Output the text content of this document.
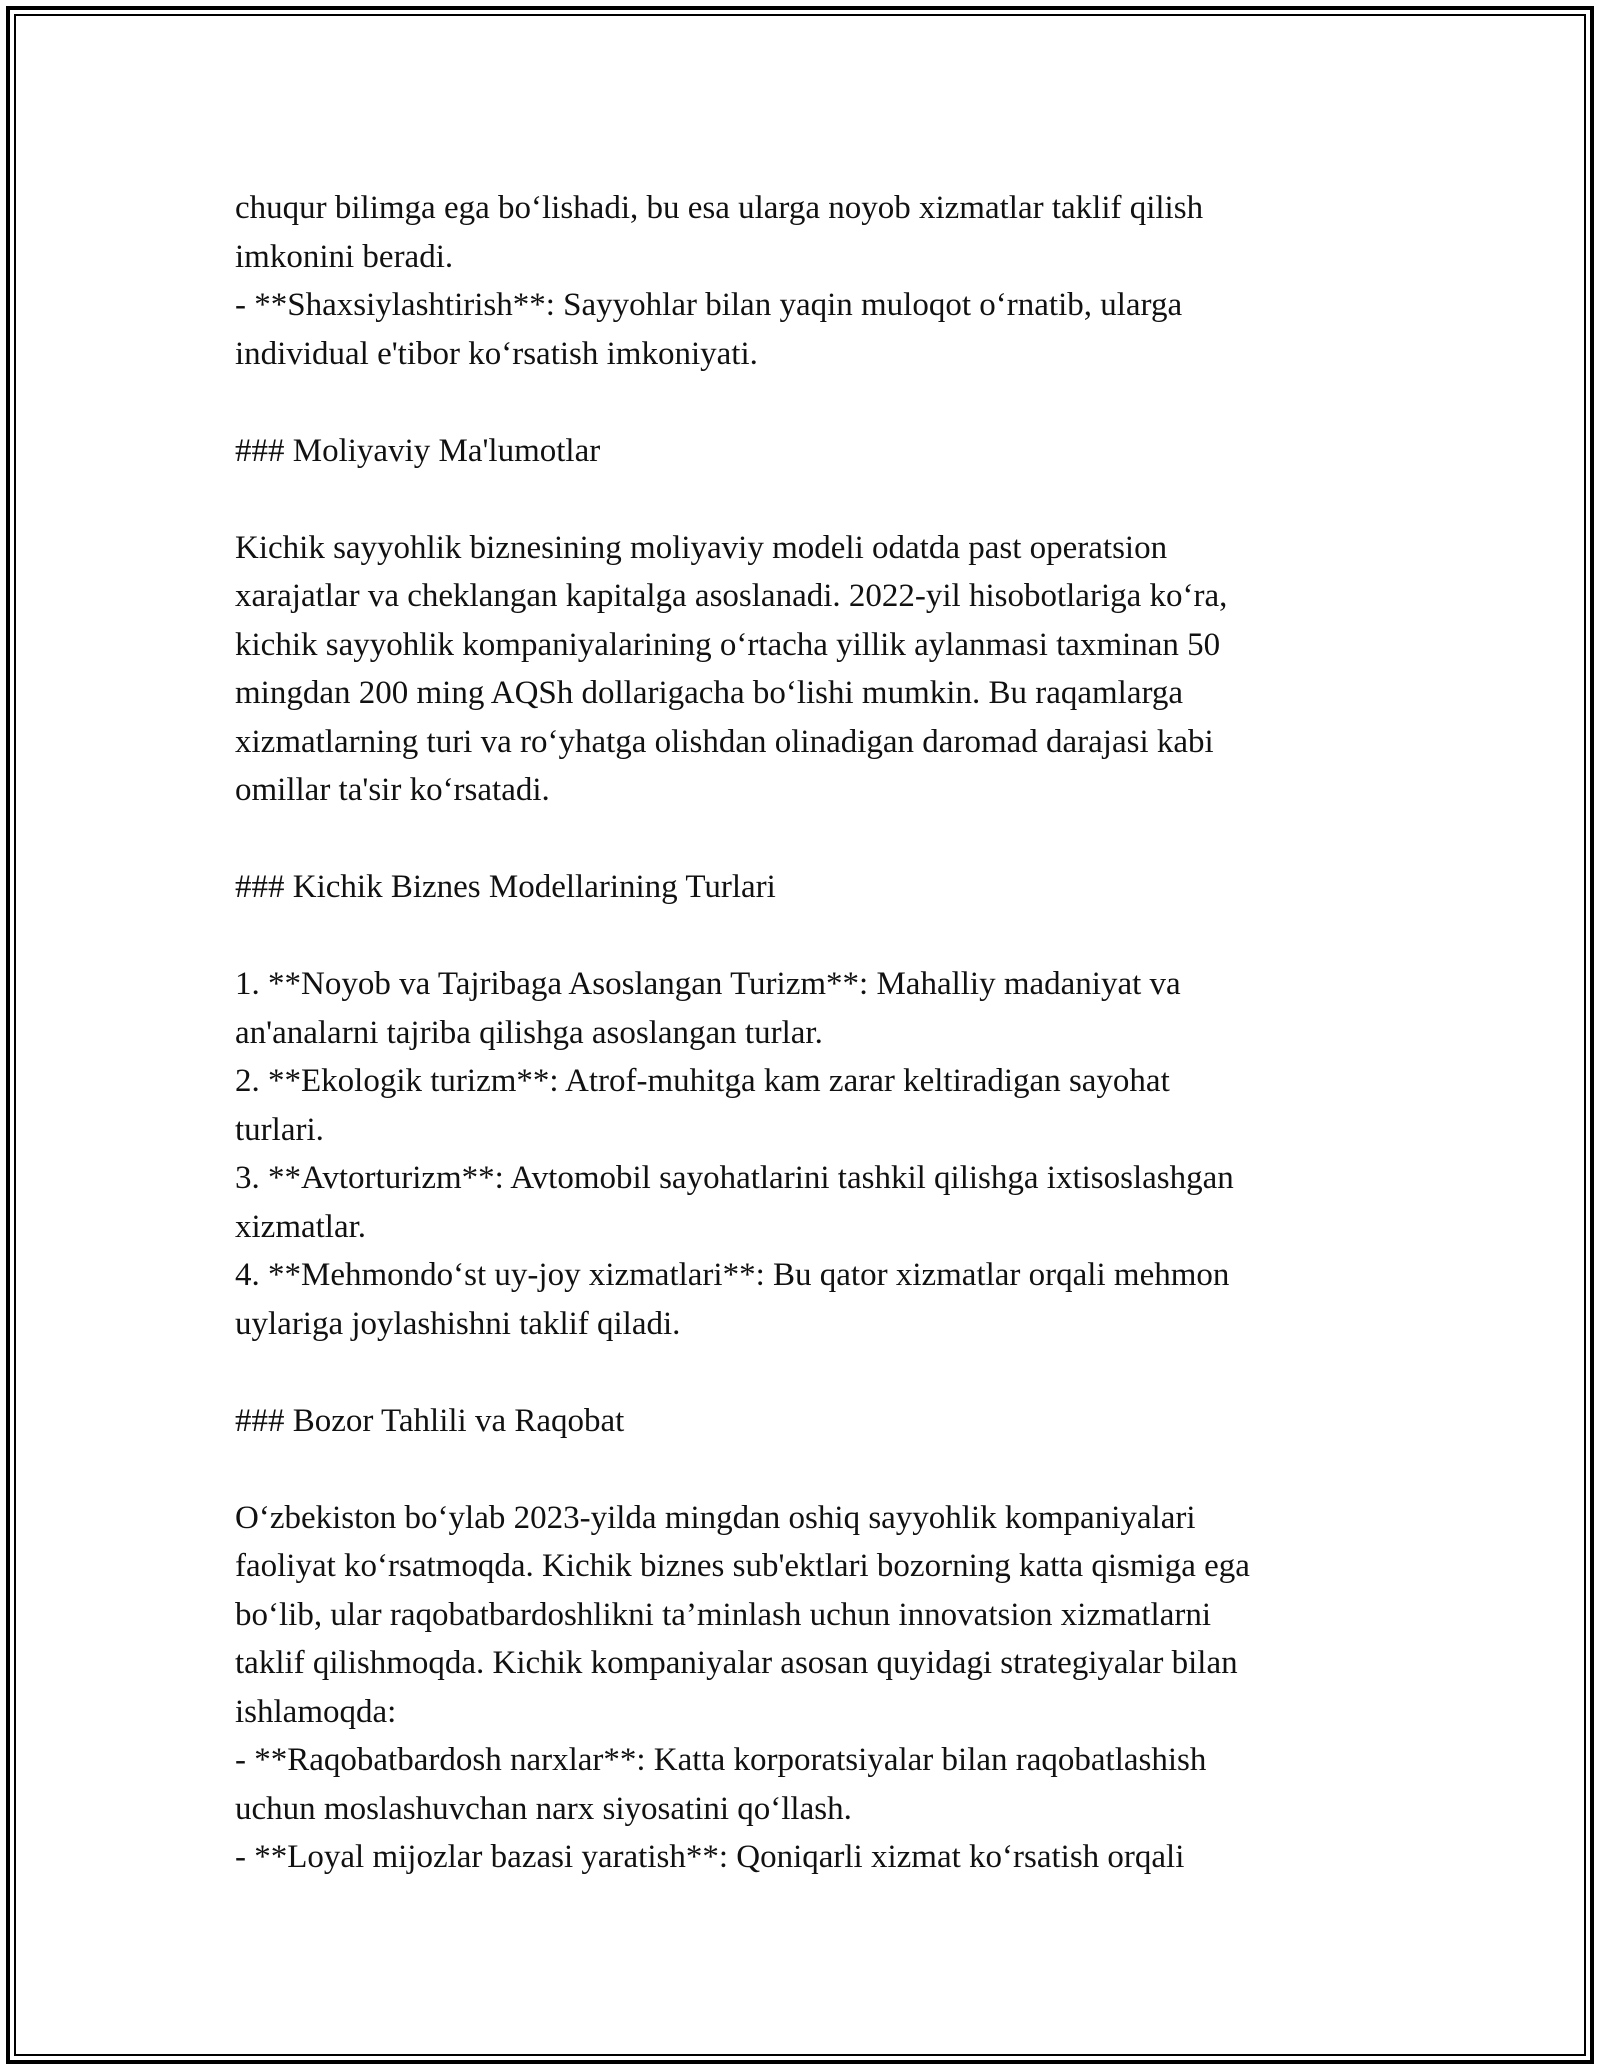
chuqur bilimga ega bo‘lishadi, bu esa ularga noyob xizmatlar taklif qilish
imkonini beradi.
- **Shaxsiylashtirish**: Sayyohlar bilan yaqin muloqot o‘rnatib, ularga
individual e'tibor ko‘rsatish imkoniyati.
### Moliyaviy Ma'lumotlar
Kichik sayyohlik biznesining moliyaviy modeli odatda past operatsion
xarajatlar va cheklangan kapitalga asoslanadi. 2022-yil hisobotlariga ko‘ra,
kichik sayyohlik kompaniyalarining o‘rtacha yillik aylanmasi taxminan 50
mingdan 200 ming AQSh dollarigacha bo‘lishi mumkin. Bu raqamlarga
xizmatlarning turi va ro‘yhatga olishdan olinadigan daromad darajasi kabi
omillar ta'sir ko‘rsatadi.
### Kichik Biznes Modellarining Turlari
1. **Noyob va Tajribaga Asoslangan Turizm**: Mahalliy madaniyat va
an'analarni tajriba qilishga asoslangan turlar.
2. **Ekologik turizm**: Atrof-muhitga kam zarar keltiradigan sayohat
turlari.
3. **Avtorturizm**: Avtomobil sayohatlarini tashkil qilishga ixtisoslashgan
xizmatlar.
4. **Mehmondo‘st uy-joy xizmatlari**: Bu qator xizmatlar orqali mehmon
uylariga joylashishni taklif qiladi.
### Bozor Tahlili va Raqobat
O‘zbekiston bo‘ylab 2023-yilda mingdan oshiq sayyohlik kompaniyalari
faoliyat ko‘rsatmoqda. Kichik biznes sub'ektlari bozorning katta qismiga ega
bo‘lib, ular raqobatbardoshlikni ta’minlash uchun innovatsion xizmatlarni
taklif qilishmoqda. Kichik kompaniyalar asosan quyidagi strategiyalar bilan
ishlamoqda:
- **Raqobatbardosh narxlar**: Katta korporatsiyalar bilan raqobatlashish
uchun moslashuvchan narx siyosatini qo‘llash.
- **Loyal mijozlar bazasi yaratish**: Qoniqarli xizmat ko‘rsatish orqali
